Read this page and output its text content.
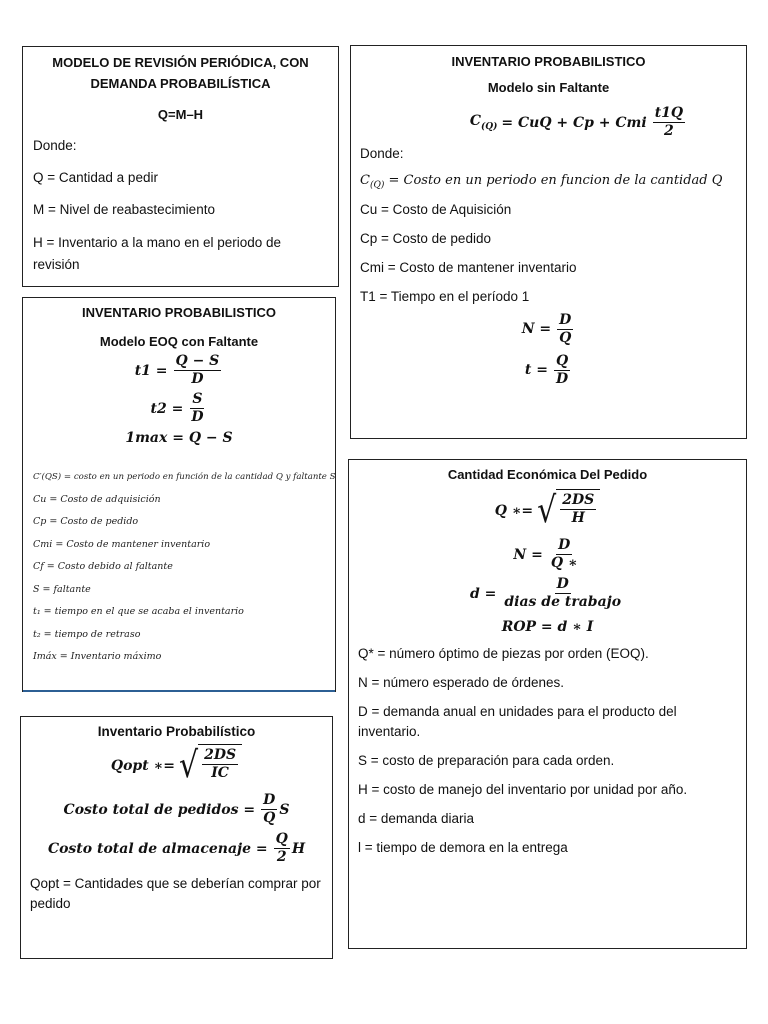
MODELO DE REVISIÓN PERIÓDICA, CON DEMANDA PROBABILÍSTICA
Q=M–H
Donde:
Q = Cantidad a pedir
M = Nivel de reabastecimiento
H = Inventario a la mano en el periodo de revisión
INVENTARIO PROBABILISTICO
Modelo sin Faltante
$C_{(Q)}$ = CuQ + Cp + Cmi $\frac{t1Q}{2}$
Donde:
$C_{(Q)}$ = Costo en un periodo en funcion de la cantidad Q
Cu = Costo de Aquisición
Cp = Costo de pedido
Cmi = Costo de mantener inventario
T1 = Tiempo en el período 1
$N = \frac{D}{Q}$
$t = \frac{Q}{D}$
INVENTARIO PROBABILISTICO
Modelo EOQ con Faltante
$t1 = \frac{Q - S}{D}$
$t2 = \frac{S}{D}$
1max = Q − S
C′(QS) = costo en un periodo en función de la cantidad Q y faltante S
Cu = Costo de adquisición
Cp = Costo de pedido
Cmi = Costo de mantener inventario
Cf = Costo debido al faltante
S = faltante
t₁ = tiempo en el que se acaba el inventario
t₂ = tiempo de retraso
Imáx = Inventario máximo
Inventario Probabilístico
Qopt ∗= √ $\frac{2DS}{IC}$
Costo total de pedidos = $\frac{D}{Q}$ S
Costo total de almacenaje = $\frac{Q}{2}$ H
Qopt = Cantidades que se deberían comprar por pedido
Cantidad Económica Del Pedido
Q ∗= √ $\frac{2DS}{H}$
$N = \frac{D}{Q ∗}$
$d = \frac{D}{\text{dias de trabajo}}$
ROP = d ∗ I
Q* = número óptimo de piezas por orden (EOQ).
N = número esperado de órdenes.
D = demanda anual en unidades para el producto del inventario.
S = costo de preparación para cada orden.
H = costo de manejo del inventario por unidad por año.
d = demanda diaria
l = tiempo de demora en la entrega
